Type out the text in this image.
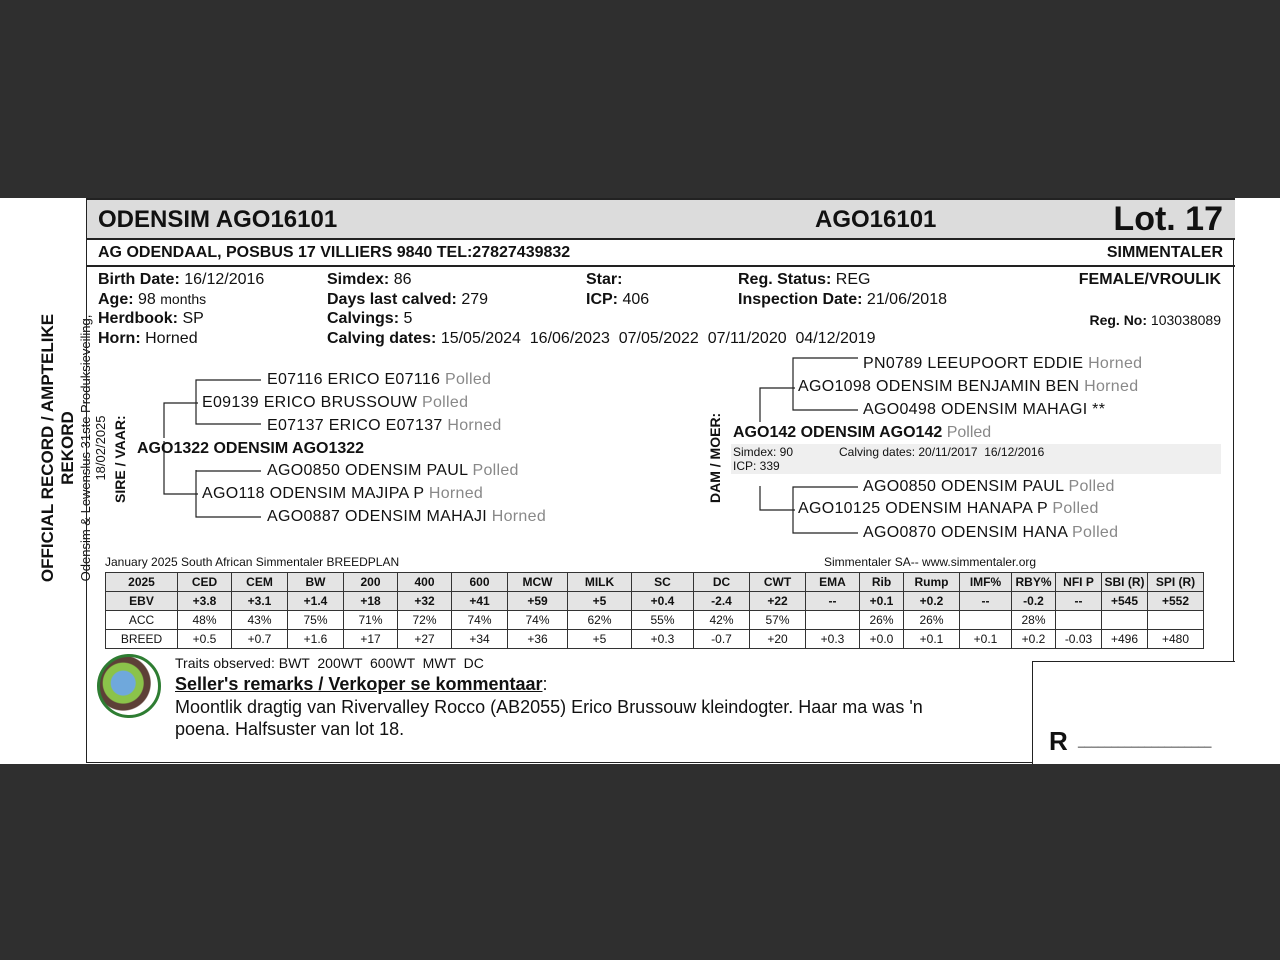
OFFICIAL RECORD / AMPTELIKE REKORD Odensim & Lewenslus 31ste Produksieveiling, 18/02/2025
ODENSIM AGO16101	AGO16101	Lot. 17
AG ODENDAAL, POSBUS 17 VILLIERS 9840 TEL:27827439832	SIMMENTALER
Birth Date: 16/12/2016
Age: 98 months
Herdbook: SP
Horn: Horned
Simdex: 86
Days last calved: 279
Calvings: 5
Calving dates: 15/05/2024  16/06/2023  07/05/2022  07/11/2020  04/12/2019
Star:
ICP: 406
Reg. Status: REG
Inspection Date: 21/06/2018
FEMALE/VROULIK
Reg. No: 103038089
SIRE / VAAR: AGO1322 ODENSIM AGO1322
E09139 ERICO BRUSSOUW Polled
E07116 ERICO E07116 Polled
E07137 ERICO E07137 Horned
AGO118 ODENSIM MAJIPA P Horned
AGO0850 ODENSIM PAUL Polled
AGO0887 ODENSIM MAHAJI Horned
DAM / MOER:
PN0789 LEEUPOORT EDDIE Horned
AGO1098 ODENSIM BENJAMIN BEN Horned
AGO0498 ODENSIM MAHAGI **
AGO142 ODENSIM AGO142 Polled
Simdex: 90
ICP: 339
Calving dates: 20/11/2017  16/12/2016
AGO0850 ODENSIM PAUL Polled
AGO10125 ODENSIM HANAPA P Polled
AGO0870 ODENSIM HANA Polled
January 2025 South African Simmentaler BREEDPLAN	Simmentaler SA-- www.simmentaler.org
2025	CED	CEM	BW	200	400	600	MCW	MILK	SC	DC	CWT	EMA	Rib	Rump	IMF%	RBY%	NFI P	SBI (R)	SPI (R)
EBV	+3.8	+3.1	+1.4	+18	+32	+41	+59	+5	+0.4	-2.4	+22	--	+0.1	+0.2	--	-0.2	--	+545	+552
ACC	48%	43%	75%	71%	72%	74%	74%	62%	55%	42%	57%		26%	26%		28%			
BREED	+0.5	+0.7	+1.6	+17	+27	+34	+36	+5	+0.3	-0.7	+20	+0.3	+0.0	+0.1	+0.1	+0.2	-0.03	+496	+480
Traits observed: BWT  200WT  600WT  MWT  DC
Seller's remarks / Verkoper se kommentaar:
Moontlik dragtig van Rivervalley Rocco (AB2055) Erico Brussouw kleindogter. Haar ma was 'n
poena. Halfsuster van lot 18.	R ____________________
